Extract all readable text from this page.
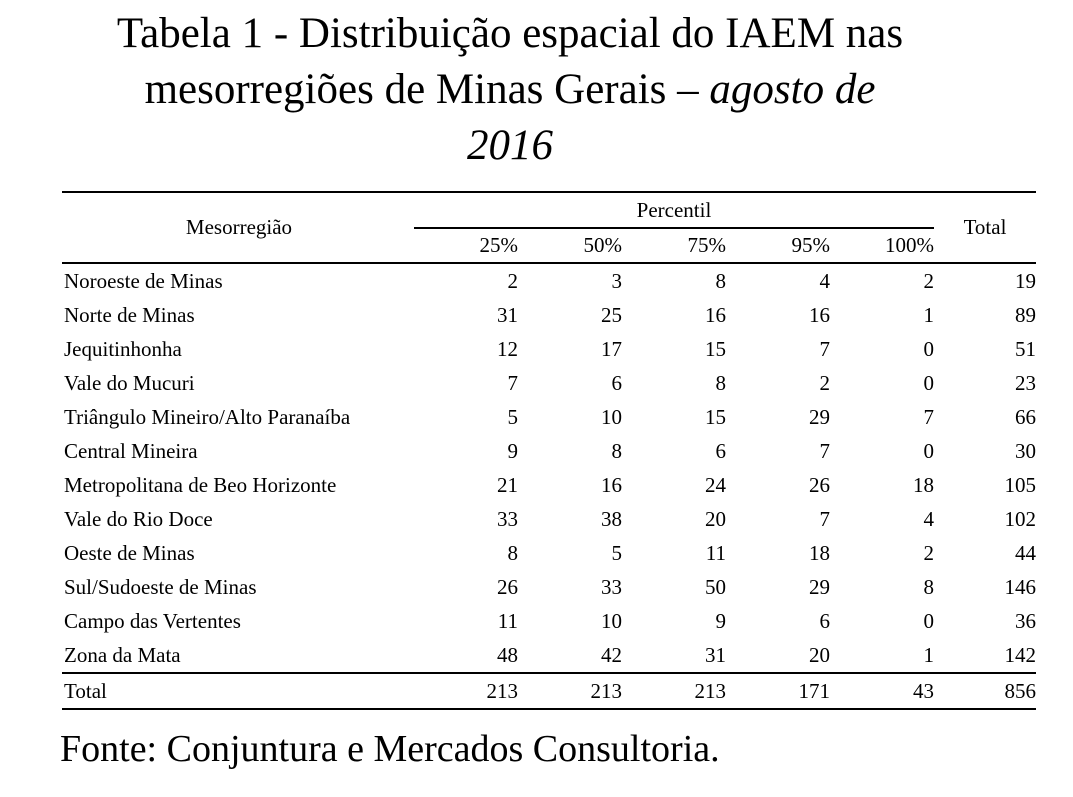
Tabela 1 - Distribuição espacial do IAEM nas
mesorregiões de Minas Gerais – agosto de
2016
Mesorregião	Percentil					Total
	25%	50%	75%	95%	100%	
Noroeste de Minas	2	3	8	4	2	19
Norte de Minas	31	25	16	16	1	89
Jequitinhonha	12	17	15	7	0	51
Vale do Mucuri	7	6	8	2	0	23
Triângulo Mineiro/Alto Paranaíba	5	10	15	29	7	66
Central Mineira	9	8	6	7	0	30
Metropolitana de Beo Horizonte	21	16	24	26	18	105
Vale do Rio Doce	33	38	20	7	4	102
Oeste de Minas	8	5	11	18	2	44
Sul/Sudoeste de Minas	26	33	50	29	8	146
Campo das Vertentes	11	10	9	6	0	36
Zona da Mata	48	42	31	20	1	142
Total	213	213	213	171	43	856

Fonte: Conjuntura e Mercados Consultoria.
